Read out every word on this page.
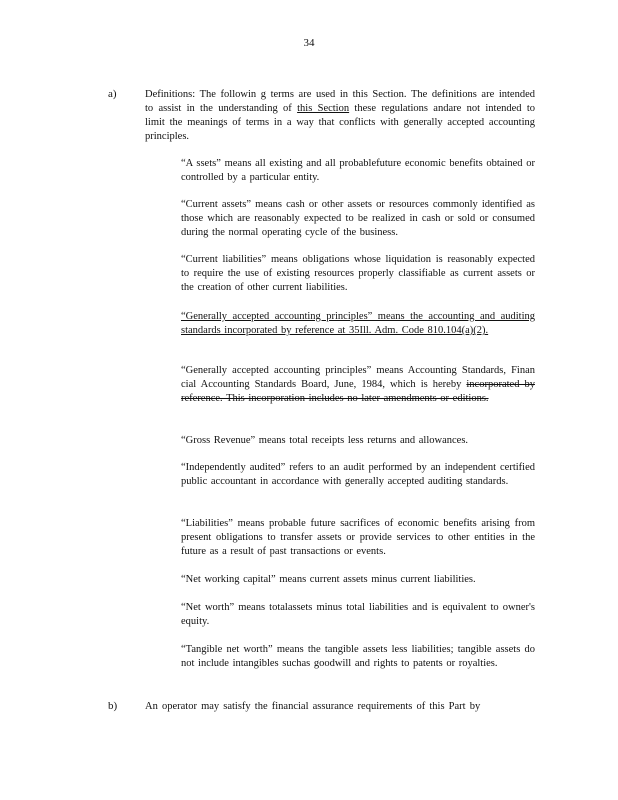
34
a)	Definitions: The followin g terms are used in this Section. The definitions are intended to assist in the understanding of this Section these regulations andare not intended to limit the meanings of terms in a way that conflicts with generally accepted accounting principles.
“A ssets” means all existing and all probablefuture economic benefits obtained or controlled by a particular entity.
“Current assets” means cash or other assets or resources commonly identified as those which are reasonably expected to be realized in cash or sold or consumed during the normal operating cycle of the business.
“Current liabilities” means obligations whose liquidation is reasonably expected to require the use of existing resources properly classifiable as current assets or the creation of other current liabilities.
“Generally accepted accounting principles” means the accounting and auditing standards incorporated by reference at 35Ill. Adm. Code 810.104(a)(2).
“Generally accepted accounting principles” means Accounting Standards, Finan cial Accounting Standards Board, June, 1984, which is hereby incorporated by reference. This incorporation includes no later amendments or editions.
“Gross Revenue” means total receipts less returns and allowances.
“Independently audited” refers to an audit performed by an independent certified public accountant in accordance with generally accepted auditing standards.
“Liabilities” means probable future sacrifices of economic benefits arising from present obligations to transfer assets or provide services to other entities in the future as a result of past transactions or events.
“Net working capital” means current assets minus current liabilities.
“Net worth” means totalassets minus total liabilities and is equivalent to owner's equity.
“Tangible net worth” means the tangible assets less liabilities; tangible assets do not include intangibles suchas goodwill and rights to patents or royalties.
b)	An operator may satisfy the financial assurance requirements of this Part by
